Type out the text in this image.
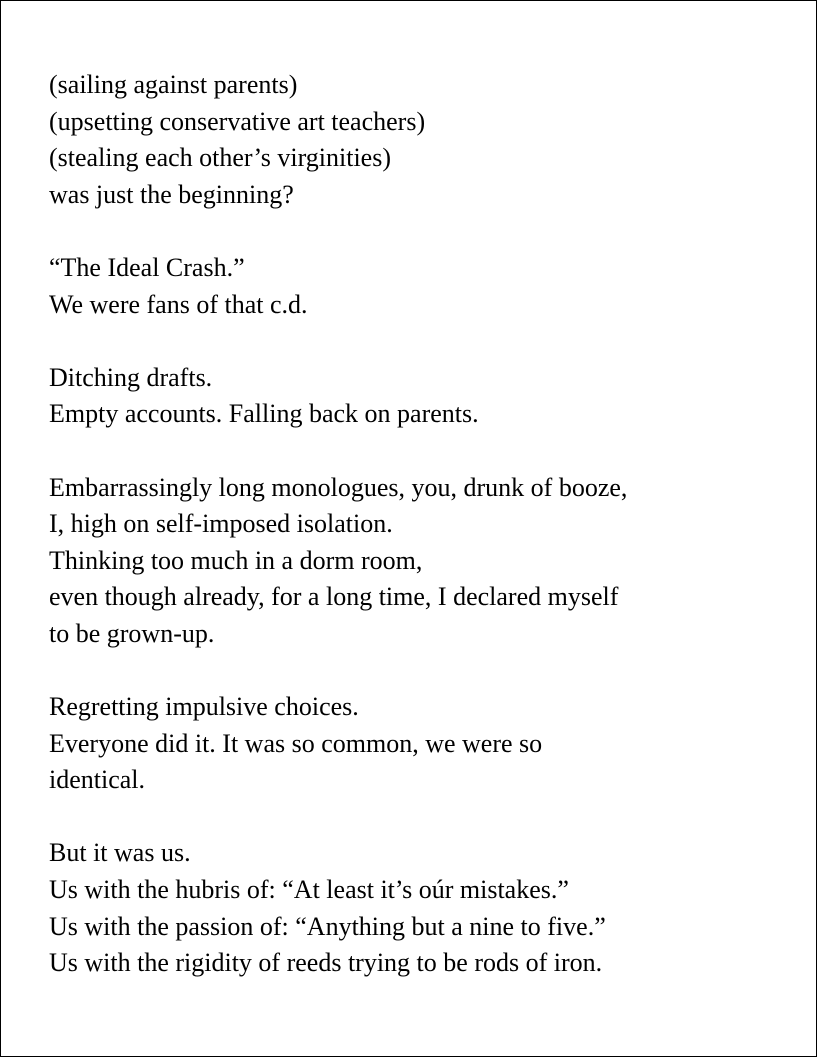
(sailing against parents)
(upsetting conservative art teachers)
(stealing each other’s virginities)
was just the beginning?
“The Ideal Crash.”
We were fans of that c.d.
Ditching drafts.
Empty accounts. Falling back on parents.
Embarrassingly long monologues, you, drunk of booze,
I, high on self-imposed isolation.
Thinking too much in a dorm room,
even though already, for a long time, I declared myself
to be grown-up.
Regretting impulsive choices.
Everyone did it. It was so common, we were so
identical.
But it was us.
Us with the hubris of: “At least it’s oúr mistakes.”
Us with the passion of: “Anything but a nine to five.”
Us with the rigidity of reeds trying to be rods of iron.
